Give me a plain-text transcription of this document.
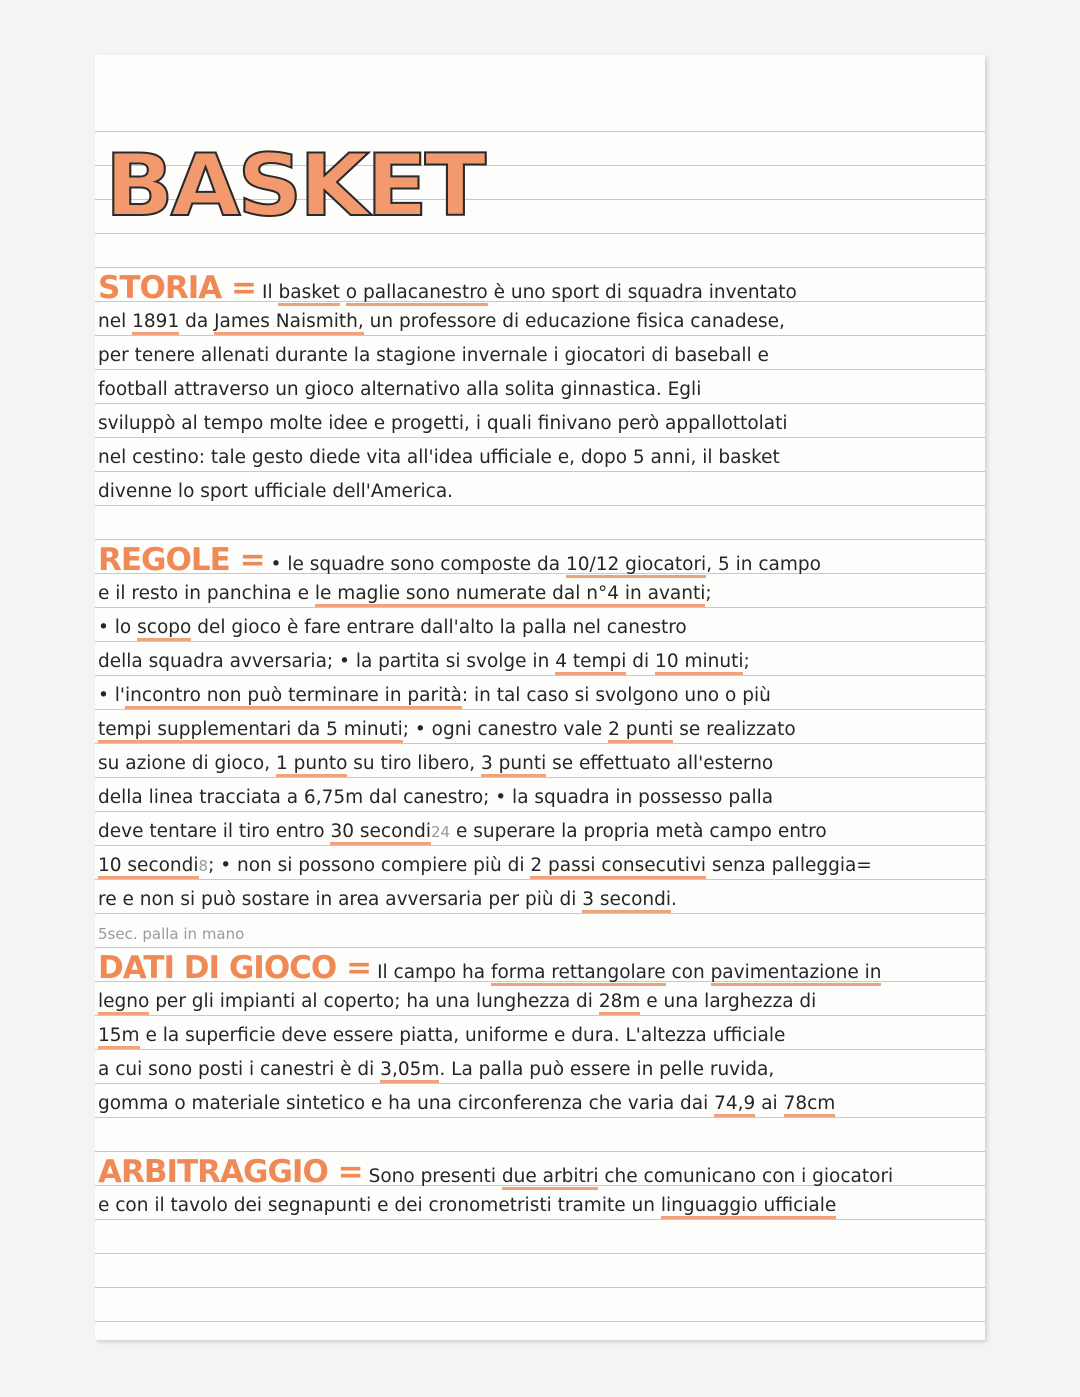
BASKET
STORIA = Il basket o pallacanestro è uno sport di squadra inventato
nel 1891 da James Naismith, un professore di educazione fisica canadese,
per tenere allenati durante la stagione invernale i giocatori di baseball e
football attraverso un gioco alternativo alla solita ginnastica. Egli
sviluppò al tempo molte idee e progetti, i quali finivano però appallottolati
nel cestino: tale gesto diede vita all'idea ufficiale e, dopo 5 anni, il basket
divenne lo sport ufficiale dell'America.
REGOLE = • le squadre sono composte da 10/12 giocatori, 5 in campo
e il resto in panchina e le maglie sono numerate dal n°4 in avanti;
• lo scopo del gioco è fare entrare dall'alto la palla nel canestro
della squadra avversaria; • la partita si svolge in 4 tempi di 10 minuti;
• l'incontro non può terminare in parità: in tal caso si svolgono uno o più
tempi supplementari da 5 minuti; • ogni canestro vale 2 punti se realizzato
su azione di gioco, 1 punto su tiro libero, 3 punti se effettuato all'esterno
della linea tracciata a 6,75m dal canestro; • la squadra in possesso palla
deve tentare il tiro entro 30 secondi24 e superare la propria metà campo entro
10 secondi8; • non si possono compiere più di 2 passi consecutivi senza palleggia=
re e non si può sostare in area avversaria per più di 3 secondi.
5sec. palla in mano
DATI DI GIOCO = Il campo ha forma rettangolare con pavimentazione in
legno per gli impianti al coperto; ha una lunghezza di 28m e una larghezza di
15m e la superficie deve essere piatta, uniforme e dura. L'altezza ufficiale
a cui sono posti i canestri è di 3,05m. La palla può essere in pelle ruvida,
gomma o materiale sintetico e ha una circonferenza che varia dai 74,9 ai 78cm
ARBITRAGGIO = Sono presenti due arbitri che comunicano con i giocatori
e con il tavolo dei segnapunti e dei cronometristi tramite un linguaggio ufficiale
